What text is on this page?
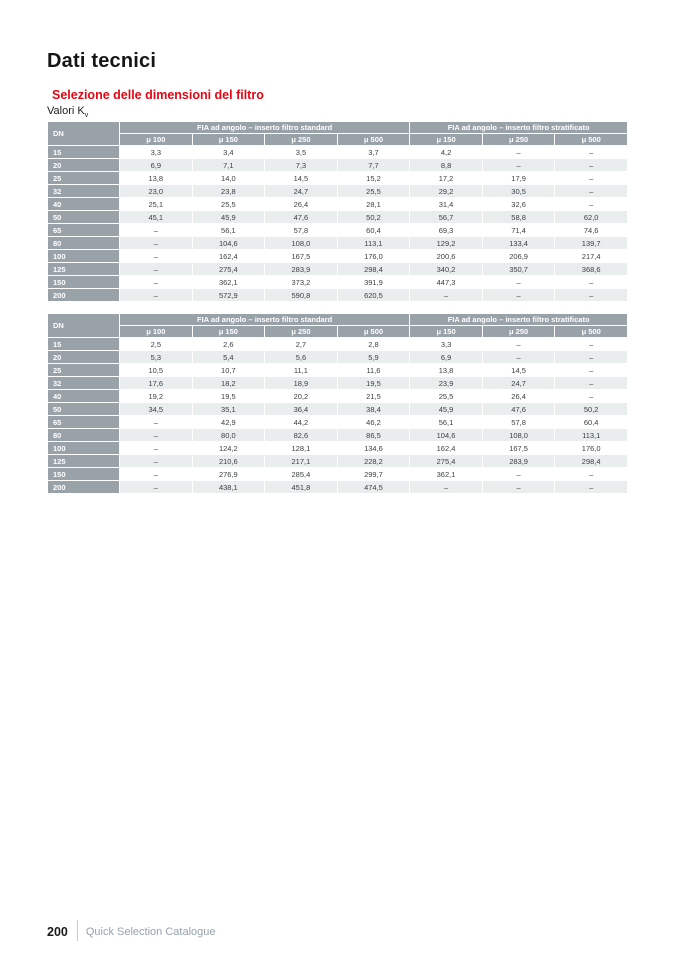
Dati tecnici
Selezione delle dimensioni del filtro
Valori $K_v$
DN	FIA ad angolo – inserto filtro standard				FIA ad angolo – inserto filtro stratificato		
	μ 100	μ 150	μ 250	μ 500	μ 150	μ 250	μ 500
15	3,3	3,4	3,5	3,7	4,2	–	–
20	6,9	7,1	7,3	7,7	8,8	–	–
25	13,8	14,0	14,5	15,2	17,2	17,9	–
32	23,0	23,8	24,7	25,5	29,2	30,5	–
40	25,1	25,5	26,4	28,1	31,4	32,6	–
50	45,1	45,9	47,6	50,2	56,7	58,8	62,0
65	–	56,1	57,8	60,4	69,3	71,4	74,6
80	–	104,6	108,0	113,1	129,2	133,4	139,7
100	–	162,4	167,5	176,0	200,6	206,9	217,4
125	–	275,4	283,9	298,4	340,2	350,7	368,6
150	–	362,1	373,2	391,9	447,3	–	–
200	–	572,9	590,8	620,5	–	–	–
DN	FIA ad angolo – inserto filtro standard				FIA ad angolo – inserto filtro stratificato		
	μ 100	μ 150	μ 250	μ 500	μ 150	μ 250	μ 500
15	2,5	2,6	2,7	2,8	3,3	–	–
20	5,3	5,4	5,6	5,9	6,9	–	–
25	10,5	10,7	11,1	11,6	13,8	14,5	–
32	17,6	18,2	18,9	19,5	23,9	24,7	–
40	19,2	19,5	20,2	21,5	25,5	26,4	–
50	34,5	35,1	36,4	38,4	45,9	47,6	50,2
65	–	42,9	44,2	46,2	56,1	57,8	60,4
80	–	80,0	82,6	86,5	104,6	108,0	113,1
100	–	124,2	128,1	134,6	162,4	167,5	176,0
125	–	210,6	217,1	228,2	275,4	283,9	298,4
150	–	276,9	285,4	299,7	362,1	–	–
200	–	438,1	451,8	474,5	–	–	–
200 Quick Selection Catalogue
